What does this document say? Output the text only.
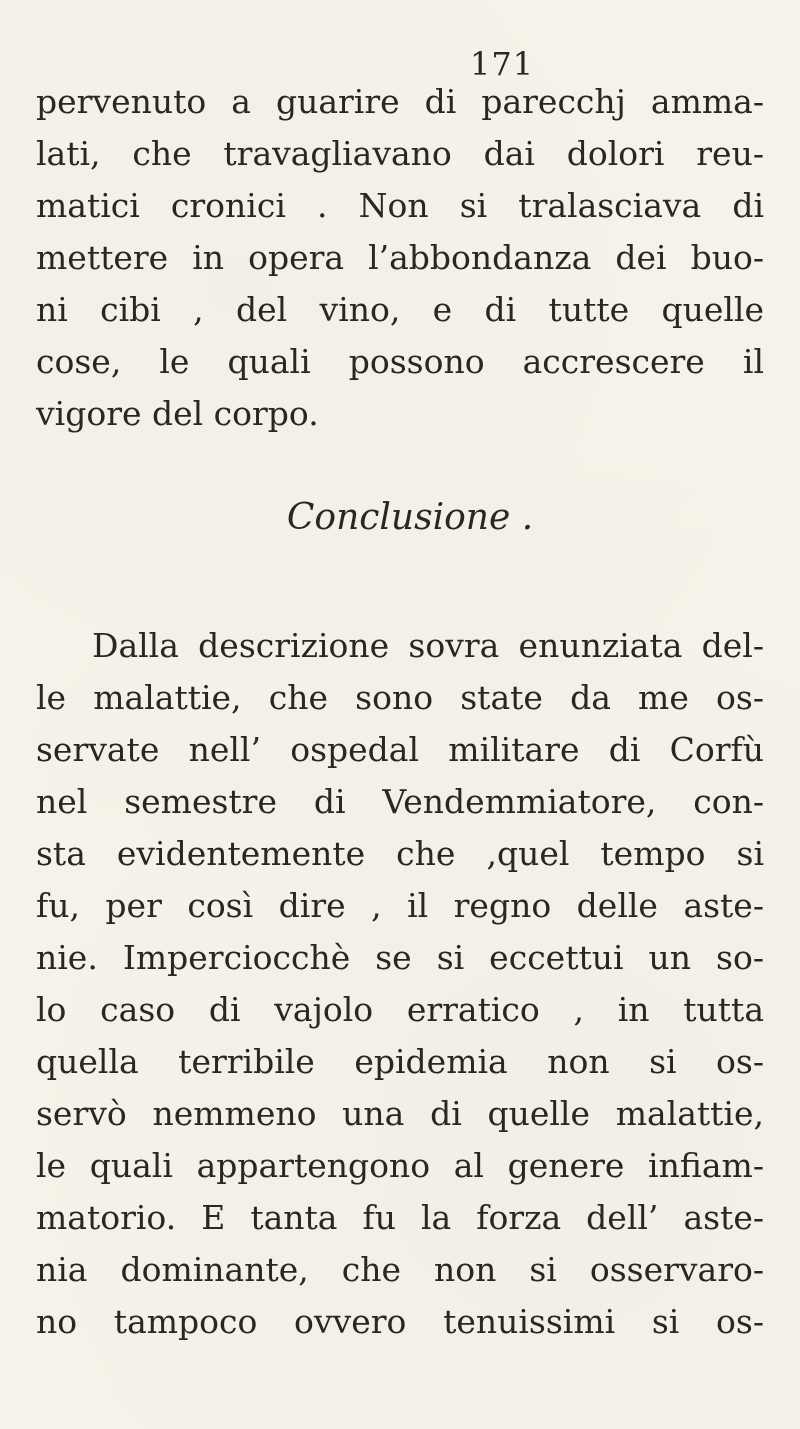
171
pervenuto a guarire di parecchj amma-
lati, che travagliavano dai dolori reu-
matici cronici . Non si tralasciava di
mettere in opera l’abbondanza dei buo-
ni cibi , del vino, e di tutte quelle
cose, le quali possono accrescere il
vigore del corpo.
Conclusione .
Dalla descrizione sovra enunziata del-
le malattie, che sono state da me os-
servate nell’ ospedal militare di Corfù
nel semestre di Vendemmiatore, con-
sta evidentemente che ,quel tempo si
fu, per così dire , il regno delle aste-
nie. Imperciocchè se si eccettui un so-
lo caso di vajolo erratico , in tutta
quella terribile epidemia non si os-
servò nemmeno una di quelle malattie,
le quali appartengono al genere infiam-
matorio. E tanta fu la forza dell’ aste-
nia dominante, che non si osservaro-
no tampoco ovvero tenuissimi si os-
